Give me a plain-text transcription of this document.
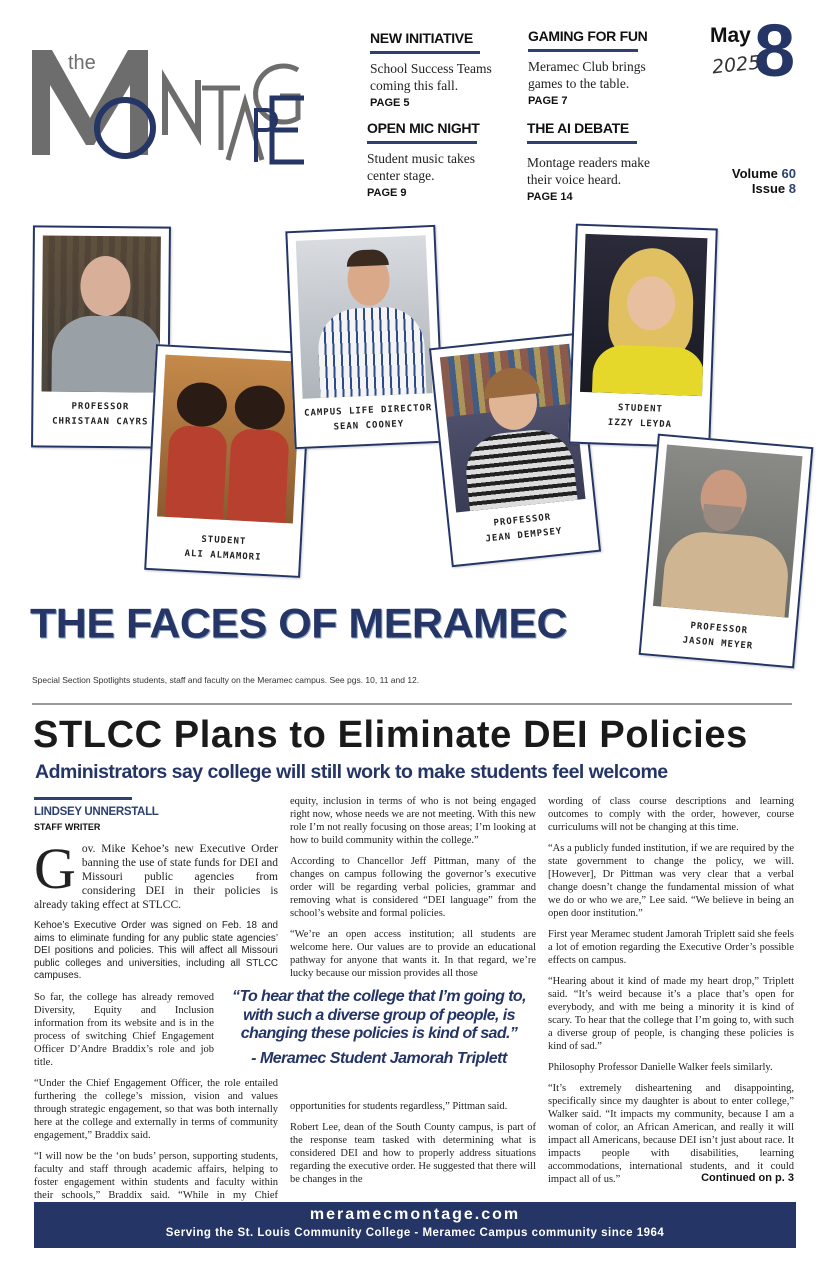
the
NEW INITIATIVE
School Success Teams coming this fall.
PAGE 5
GAMING FOR FUN
Meramec Club brings games to the table.
PAGE 7
OPEN MIC NIGHT
Student music takes center stage.
PAGE 9
THE AI DEBATE
Montage readers make their voice heard.
PAGE 14
May 8
2025
Volume 60
Issue 8
PROFESSOR
CHRISTAAN CAYRS
STUDENT
ALI ALMAMORI
CAMPUS LIFE DIRECTOR
SEAN COONEY
PROFESSOR
JEAN DEMPSEY
STUDENT
IZZY LEYDA
PROFESSOR
JASON MEYER
THE FACES OF MERAMEC
Special Section Spotlights students, staff and faculty on the Meramec campus. See pgs. 10, 11 and 12.
STLCC Plans to Eliminate DEI Policies
Administrators say college will still work to make students feel welcome
LINDSEY UNNERSTALL
STAFF WRITER

Gov. Mike Kehoe’s new Executive Order banning the use of state funds for DEI and Missouri public agencies from considering DEI in their policies is already taking effect at STLCC.

Kehoe’s Executive Order was signed on Feb. 18 and aims to eliminate funding for any public state agencies’ DEI positions and policies. This will affect all Missouri public colleges and universities, including all STLCC campuses.

So far, the college has already removed Diversity, Equity and Inclusion information from its website and is in the process of switching Chief Engagement Officer D’Andre Braddix’s role and job title.

“Under the Chief Engagement Officer, the role entailed furthering the college’s mission, vision and values through strategic engagement, so that was both internally here at the college and externally in terms of community engagement,” Braddix said.

“I will now be the ‘on buds’ person, supporting students, faculty and staff through academic affairs, helping to foster engagement within students and faculty within their schools,” Braddix said. “While in my Chief

equity, inclusion in terms of who is not being engaged right now, whose needs we are not meeting. With this new role I’m not really focusing on those areas; I’m looking at how to build community within the college.”

According to Chancellor Jeff Pittman, many of the changes on campus following the governor’s executive order will be regarding verbal policies, grammar and removing what is considered “DEI language” from the school’s website and formal policies.

“We’re an open access institution; all students are welcome here. Our values are to provide an educational pathway for anyone that wants it. In that regard, we’re lucky because our mission provides all those

opportunities for students regardless,” Pittman said.

Robert Lee, dean of the South County campus, is part of the response team tasked with determining what is considered DEI and how to properly address situations regarding the executive order. He suggested that there will be changes in the

“To hear that the college that I’m going to, with such a diverse group of people, is changing these policies is kind of sad.”
- Meramec Student Jamorah Triplett

wording of class course descriptions and learning outcomes to comply with the order, however, course curriculums will not be changing at this time.

“As a publicly funded institution, if we are required by the state government to change the policy, we will. [However], Dr Pittman was very clear that a verbal change doesn’t change the fundamental mission of what we do or who we are,” Lee said. “We believe in being an open door institution.”

First year Meramec student Jamorah Triplett said she feels a lot of emotion regarding the Executive Order’s possible effects on campus.

“Hearing about it kind of made my heart drop,” Triplett said. “It’s weird because it’s a place that’s open for everybody, and with me being a minority it is kind of scary. To hear that the college that I’m going to, with such a diverse group of people, is changing these policies is kind of sad.”

Philosophy Professor Danielle Walker feels similarly.

“It’s extremely disheartening and disappointing, specifically since my daughter is about to enter college,” Walker said. “It impacts my community, because I am a woman of color, an African American, and really it will impact all Americans, because DEI isn’t just about race. It impacts people with disabilities, learning accommodations, international students, and it could impact all of us.”	Continued on p. 3
meramecmontage.com
Serving the St. Louis Community College - Meramec Campus community since 1964
